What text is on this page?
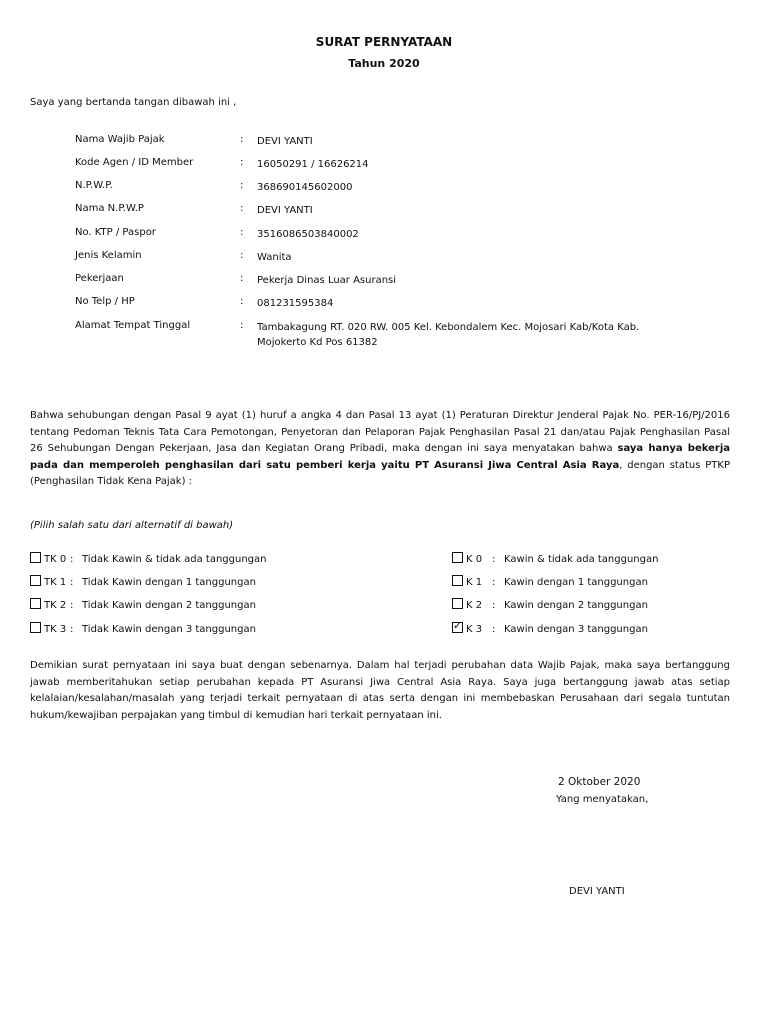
SURAT PERNYATAAN
Tahun 2020
Saya yang bertanda tangan dibawah ini ,
Nama Wajib Pajak	: DEVI YANTI
Kode Agen / ID Member	: 16050291 / 16626214
N.P.W.P.	: 368690145602000
Nama N.P.W.P	: DEVI YANTI
No. KTP / Paspor	: 3516086503840002
Jenis Kelamin	: Wanita
Pekerjaan	: Pekerja Dinas Luar Asuransi
No Telp / HP	: 081231595384
Alamat Tempat Tinggal	: Tambakagung RT. 020 RW. 005 Kel. Kebondalem Kec. Mojosari Kab/Kota Kab. Mojokerto Kd Pos 61382
Bahwa sehubungan dengan Pasal 9 ayat (1) huruf a angka 4 dan Pasal 13 ayat (1) Peraturan Direktur Jenderal Pajak No. PER-16/PJ/2016 tentang Pedoman Teknis Tata Cara Pemotongan, Penyetoran dan Pelaporan Pajak Penghasilan Pasal 21 dan/atau Pajak Penghasilan Pasal 26 Sehubungan Dengan Pekerjaan, Jasa dan Kegiatan Orang Pribadi, maka dengan ini saya menyatakan bahwa saya hanya bekerja pada dan memperoleh penghasilan dari satu pemberi kerja yaitu PT Asuransi Jiwa Central Asia Raya, dengan status PTKP (Penghasilan Tidak Kena Pajak) :
(Pilih salah satu dari alternatif di bawah)
TK 0 : Tidak Kawin & tidak ada tanggungan
TK 1 : Tidak Kawin dengan 1 tanggungan
TK 2 : Tidak Kawin dengan 2 tanggungan
TK 3 : Tidak Kawin dengan 3 tanggungan
K 0 : Kawin & tidak ada tanggungan
K 1 : Kawin dengan 1 tanggungan
K 2 : Kawin dengan 2 tanggungan
✓K 3 : Kawin dengan 3 tanggungan
Demikian surat pernyataan ini saya buat dengan sebenarnya. Dalam hal terjadi perubahan data Wajib Pajak, maka saya bertanggung jawab memberitahukan setiap perubahan kepada PT Asuransi Jiwa Central Asia Raya. Saya juga bertanggung jawab atas setiap kelalaian/kesalahan/masalah yang terjadi terkait pernyataan di atas serta dengan ini membebaskan Perusahaan dari segala tuntutan hukum/kewajiban perpajakan yang timbul di kemudian hari terkait pernyataan ini.
2 Oktober 2020
Yang menyatakan,
DEVI YANTI
